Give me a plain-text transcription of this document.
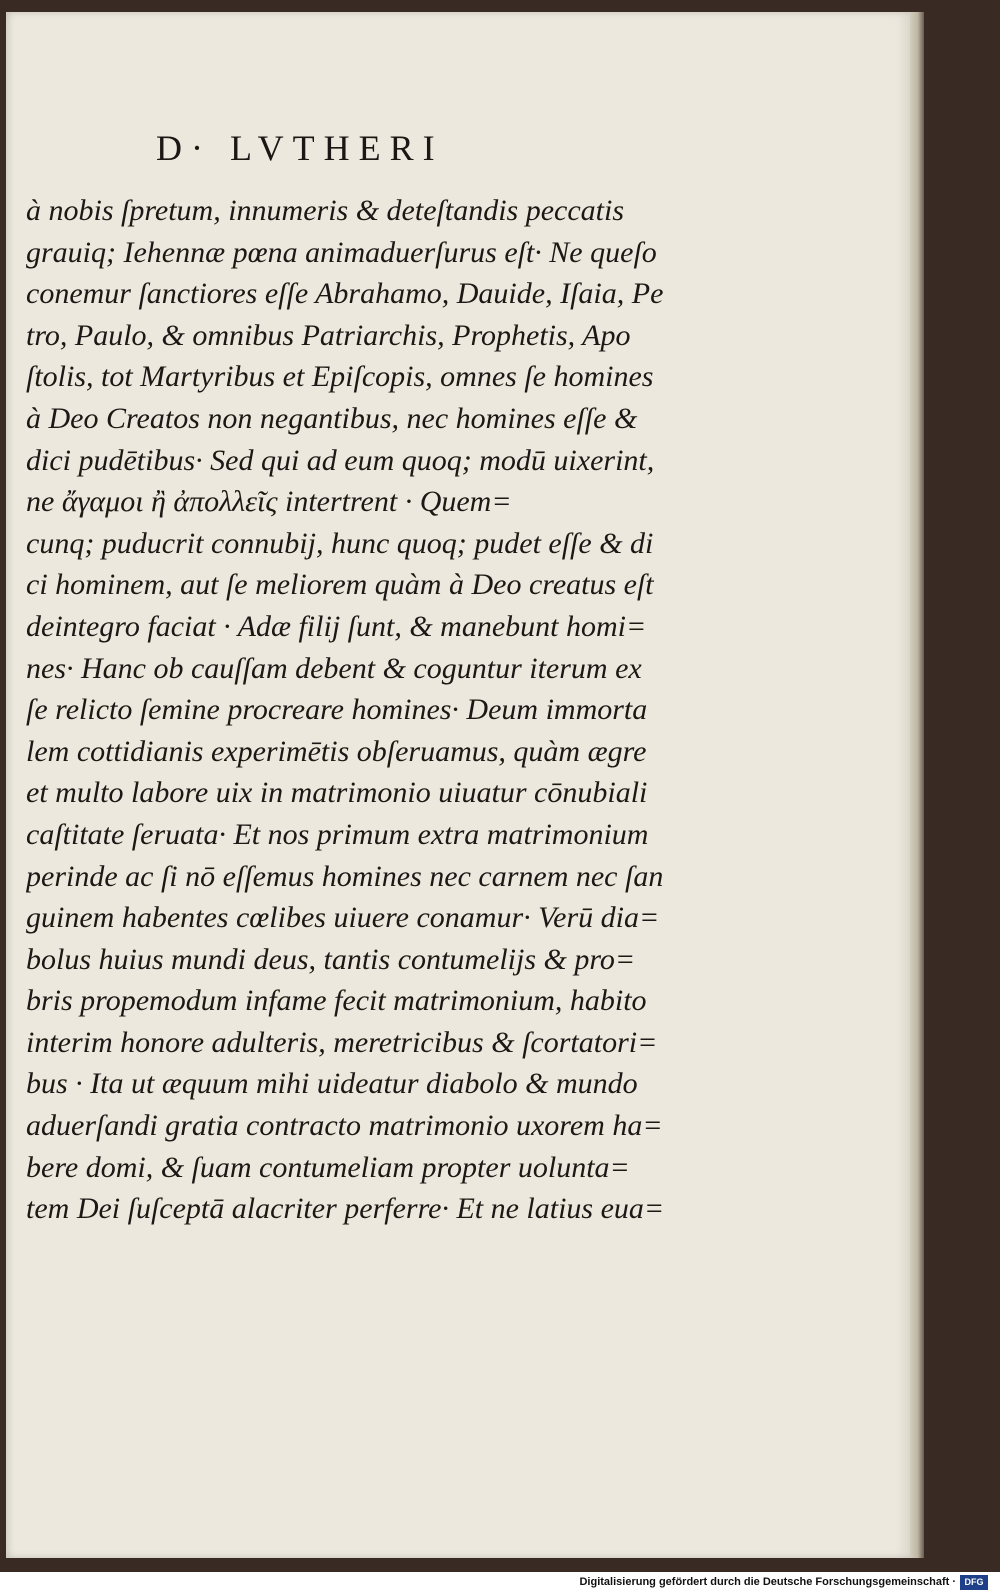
D· LVTHERI
à nobis ſpretum, innumeris & deteſtandis peccatis
grauiq; Iehennæ pœna animaduerſurus eſt· Ne queſo
conemur ſanctiores eſſe Abrahamo, Dauide, Iſaia, Pe
tro, Paulo, & omnibus Patriarchis, Prophetis, Apo
ſtolis, tot Martyribus et Epiſcopis, omnes ſe homines
à Deo Creatos non negantibus, nec homines eſſe &
dici pudētibus· Sed qui ad eum quoq; modū uixerint,
ne ἄγαμοι ἢ ἀπολλεῖς intertrent · Quem=
cunq; puducrit connubij, hunc quoq; pudet eſſe & di
ci hominem, aut ſe meliorem quàm à Deo creatus eſt
deintegro faciat · Adæ filij ſunt, & manebunt homi=
nes· Hanc ob cauſſam debent & coguntur iterum ex
ſe relicto ſemine procreare homines· Deum immorta
lem cottidianis experimētis obſeruamus, quàm ægre
et multo labore uix in matrimonio uiuatur cōnubiali
caſtitate ſeruata· Et nos primum extra matrimonium
perinde ac ſi nō eſſemus homines nec carnem nec ſan
guinem habentes cœlibes uiuere conamur· Verū dia=
bolus huius mundi deus, tantis contumelijs & pro=
bris propemodum infame fecit matrimonium, habito
interim honore adulteris, meretricibus & ſcortatori=
bus · Ita ut æquum mihi uideatur diabolo & mundo
aduerſandi gratia contracto matrimonio uxorem ha=
bere domi, & ſuam contumeliam propter uolunta=
tem Dei ſuſceptā alacriter perferre· Et ne latius eua=
Digitalisierung gefördert durch die Deutsche Forschungsgemeinschaft · DFG
